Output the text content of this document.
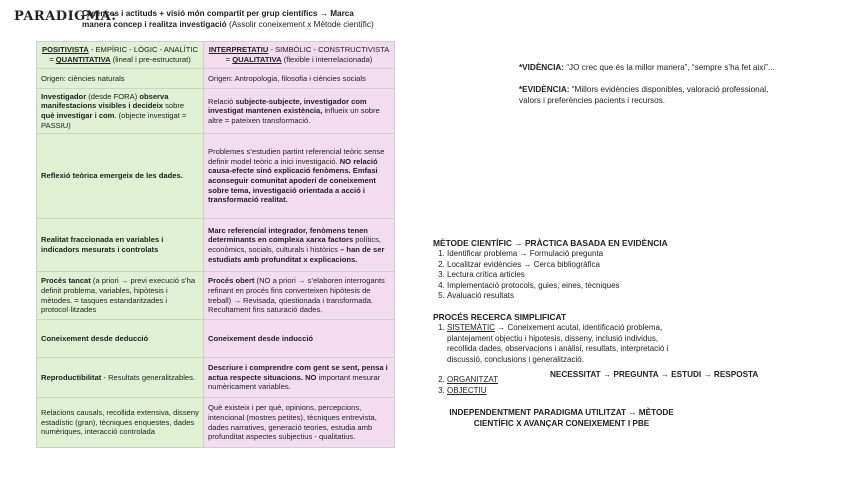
PARADIGMA:
Creences i actituds + visió món compartit per grup científics → Marca manera concep i realitza investigació (Assolir coneixement x Mètode científic)
POSITIVISTA - EMPÍRIC - LÒGIC - ANALÍTIC = QUANTITATIVA (lineal i pre-estructurat)	INTERPRETATIU - SIMBÒLIC - CONSTRUCTIVISTA = QUALITATIVA (flexible i interrelacionada)
Origen: ciències naturals	Origen: Antropologia, filosofia i ciències socials
Investigador (desde FORA) observa manifestacions visibles i decideix sobre què investigar i com. (objecte investigat = PASSIU)	Relació subjecte-subjecte, investigador com investigat mantenen existència, influeix un sobre altre = pateixen transformació.
Reflexió teòrica emergeix de les dades.	Problemes s’estudien partint referencial teòric sense definir model teòric a inici investigació. NO relació causa-efecte sinó explicació fenòmens. Emfasi aconseguir comunitat apoderi de coneixement sobre tema, investigació orientada a acció i transformació realitat.
Realitat fraccionada en variables i indicadors mesurats i controlats	Marc referencial integrador, fenòmens tenen determinants en complexa xarxa factors polítics, econòmics, socials, culturals i històrics – han de ser estudiats amb profunditat x explicacions.
Procés tancat (a priori → previ execució s’ha definit problema, variables, hipòtesis i mètodes. = tasques estandaritzades i protocol·litzades	Procés obert (NO a priori → s’elaboren interrogants refinant en procés fins converteixen hipòtesis de treball) → Revisada, qüestionada i transformada. Recultament fins saturació dades.
Coneixement desde deducció	Coneixement desde inducció
Reproductibilitat - Resultats generalitzables.	Descriure i comprendre com gent se sent, pensa i actua respecte situacions. NO important mesurar numèricament variables.
Relacions causals, recollida extensiva, disseny estadístic (gran), tècniques enquestes, dades numèriques, interacció controlada	Què existeix i per què, opinions, percepcions, intencional (mostres petites), tècniques entrevista, dades narratives, generació teories, estudia amb profunditat aspectes subjectius - qualitatius.
*VIDÈNCIA: “JO crec que és la millor manera”, “sempre s’ha fet aixi”...
*EVIDÈNCIA: “Millors evidències disponibles, valoració professional, valors i preferències pacients i recursos.
MÈTODE CIENTÍFIC → PRÀCTICA BASADA EN EVIDÈNCIA
1. Identificar problema → Formulació pregunta
2. Localitzar evidències → Cerca bibliogràfica
3. Lectura crítica articles
4. Implementació protocols, guies, eines, tècniques
5. Avaluació resultats
PROCÉS RECERCA SIMPLIFICAT
1. SISTEMÀTIC → Coneixement acutal, identificació problema, plantejament objectiu i hipotesis, disseny, inclusió individus, recollida dades, observacions i anàlisi, resultats, interpretació i discussió, conclusions i generalització.
2. ORGANITZAT
3. OBJECTIU
NECESSITAT → PREGUNTA → ESTUDI → RESPOSTA
INDEPENDENTMENT PARADIGMA UTILITZAT → MÈTODE CIENTÍFIC X AVANÇAR CONEIXEMENT I PBE
